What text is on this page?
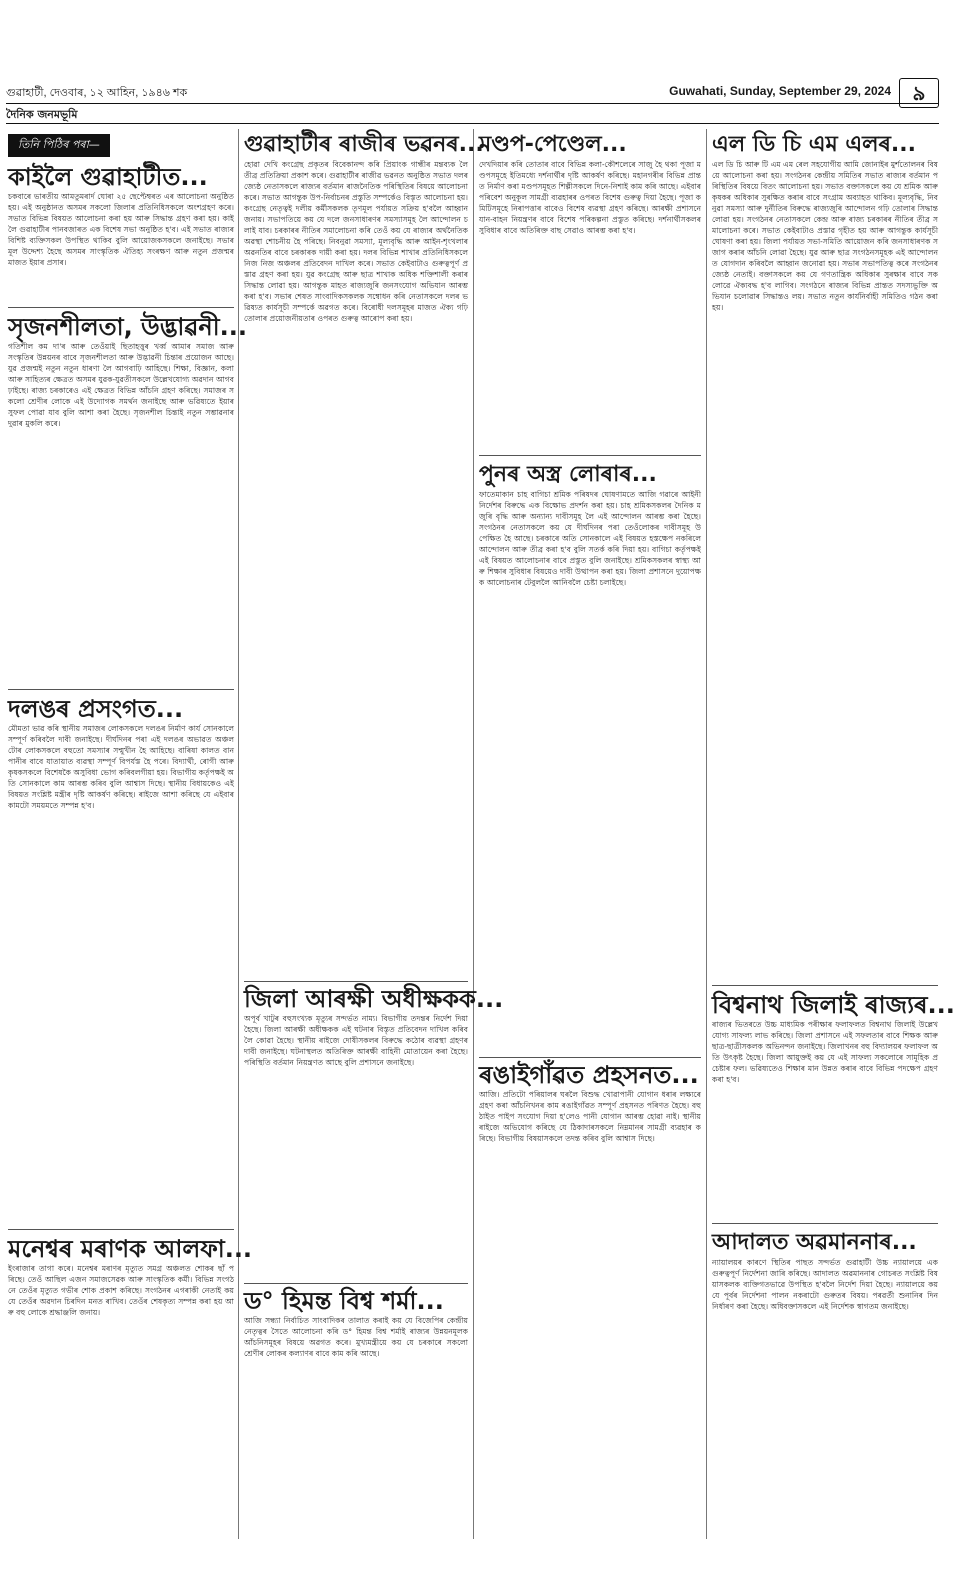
গুৱাহাটী, দেওবাৰ, ১২ আহিন, ১৯৪৬ শক	Guwahati, Sunday, September 29, 2024	৯
দৈনিক জনমভূমি
তিনি পিঠিৰ পৰা—
কাইলৈ গুৱাহাটীত...

চকবাৰে ভাৰতীয় আমতুমৰাৰ্দ ঘোৰা ২৫ ছেপ্টেম্বৰত এৰ আলোচনা অনুষ্ঠিত হয়। এই অনুষ্ঠানত অসমৰ সকলো জিলাৰ প্ৰতিনিধিসকলে অংশগ্ৰহণ কৰে। সভাত বিভিন্ন বিষয়ত আলোচনা কৰা হয় আৰু সিদ্ধান্ত গ্ৰহণ কৰা হয়। কাইলৈ গুৱাহাটীৰ পানবজাৰত এক বিশেষ সভা অনুষ্ঠিত হ'ব। এই সভাত ৰাজ্যৰ বিশিষ্ট ব্যক্তিসকল উপস্থিত থাকিব বুলি আয়োজকসকলে জনাইছে। সভাৰ মূল উদ্দেশ্য হৈছে অসমৰ সাংস্কৃতিক ঐতিহ্য সংৰক্ষণ আৰু নতুন প্ৰজন্মৰ মাজত ইয়াৰ প্ৰসাৰ।

সৃজনশীলতা, উদ্ভাৱনী...

গতিশীল কম দা'ৰ আৰু তেওঁয়াই ছিতাহত্তুৰ খৰ্ব্ব আমাৰ সমাজ আৰু সংস্কৃতিৰ উন্নয়নৰ বাবে সৃজনশীলতা আৰু উদ্ভাৱনী চিন্তাৰ প্ৰয়োজন আছে। যুৱ প্ৰজন্মই নতুন নতুন ধাৰণা লৈ আগবাঢ়ি আহিছে। শিক্ষা, বিজ্ঞান, কলা আৰু সাহিত্যৰ ক্ষেত্ৰত অসমৰ যুৱক-যুৱতীসকলে উল্লেখযোগ্য অৱদান আগবঢ়াইছে। ৰাজ্য চৰকাৰেও এই ক্ষেত্ৰত বিভিন্ন আঁচনি গ্ৰহণ কৰিছে। সমাজৰ সকলো শ্ৰেণীৰ লোকে এই উদ্যোগক সমৰ্থন জনাইছে আৰু ভৱিষ্যতে ইয়াৰ সুফল পোৱা যাব বুলি আশা কৰা হৈছে। সৃজনশীল চিন্তাই নতুন সম্ভাৱনাৰ দুৱাৰ মুকলি কৰে।

দলঙৰ প্ৰসংগত...

মৌমতা ভাৱ কৰি স্থানীয় সমাজৰ লোকসকলে দলঙৰ নিৰ্মাণ কাৰ্য সোনকালে সম্পূৰ্ণ কৰিবলৈ দাবী জনাইছে। দীৰ্ঘদিনৰ পৰা এই দলঙৰ অভাৱত অঞ্চলটোৰ লোকসকলে বহুতো সমস্যাৰ সন্মুখীন হৈ আহিছে। বাৰিষা কালত বানপানীৰ বাবে যাতায়াত ব্যৱস্থা সম্পূৰ্ণ বিপৰ্যস্ত হৈ পৰে। বিদ্যাৰ্থী, ৰোগী আৰু কৃষকসকলে বিশেষকৈ অসুবিধা ভোগ কৰিবলগীয়া হয়। বিভাগীয় কৰ্তৃপক্ষই অতি সোনকালে কাম আৰম্ভ কৰিব বুলি আশ্বাস দিছে। স্থানীয় বিধায়কেও এই বিষয়ত সংশ্লিষ্ট মন্ত্ৰীৰ দৃষ্টি আকৰ্ষণ কৰিছে। ৰাইজে আশা কৰিছে যে এইবাৰ কামটো সময়মতে সম্পন্ন হ'ব।

মনেশ্বৰ মৰাণক আলফা...

ইংৰাজাৰ তাগা কৰে। মনেশ্বৰ মৰাণৰ মৃত্যুত সমগ্ৰ অঞ্চলত শোকৰ ছাঁ পৰিছে। তেওঁ আছিল এজন সমাজসেৱক আৰু সাংস্কৃতিক কৰ্মী। বিভিন্ন সংগঠনে তেওঁৰ মৃত্যুত গভীৰ শোক প্ৰকাশ কৰিছে। সংগঠনৰ এগৰাকী নেতাই কয় যে তেওঁৰ অৱদান চিৰদিন মনত ৰাখিব। তেওঁৰ শেষকৃত্য সম্পন্ন কৰা হয় আৰু বহু লোকে শ্ৰদ্ধাঞ্জলি জনায়।

গুৱাহাটীৰ ৰাজীৰ ভৱনৰ...

হোৱা দেখি কংগ্ৰেছ প্ৰকৃতৰ বিবেকানন্দ কৰি প্ৰিয়াংক গান্ধীৰ মন্তব্যক লৈ তীব্ৰ প্ৰতিক্ৰিয়া প্ৰকাশ কৰে। গুৱাহাটীৰ ৰাজীৱ ভৱনত অনুষ্ঠিত সভাত দলৰ জ্যেষ্ঠ নেতাসকলে ৰাজ্যৰ বৰ্তমান ৰাজনৈতিক পৰিস্থিতিৰ বিষয়ে আলোচনা কৰে। সভাত আগন্তুক উপ-নিৰ্বাচনৰ প্ৰস্তুতি সম্পৰ্কেও বিস্তৃত আলোচনা হয়। কংগ্ৰেছ নেতৃত্বই দলীয় কৰ্মীসকলক তৃণমূল পৰ্যায়ত সক্ৰিয় হ'বলৈ আহ্বান জনায়। সভাপতিয়ে কয় যে দলে জনসাধাৰণৰ সমস্যাসমূহ লৈ আন্দোলন চলাই যাব। চৰকাৰৰ নীতিৰ সমালোচনা কৰি তেওঁ কয় যে ৰাজ্যৰ অৰ্থনৈতিক অৱস্থা শোচনীয় হৈ পৰিছে। নিবনুৱা সমস্যা, মূল্যবৃদ্ধি আৰু আইন-শৃংখলাৰ অৱনতিৰ বাবে চৰকাৰক দায়ী কৰা হয়। দলৰ বিভিন্ন শাখাৰ প্ৰতিনিধিসকলে নিজ নিজ অঞ্চলৰ প্ৰতিবেদন দাখিল কৰে। সভাত কেইবাটাও গুৰুত্বপূৰ্ণ প্ৰস্তাৱ গ্ৰহণ কৰা হয়। যুৱ কংগ্ৰেছ আৰু ছাত্ৰ শাখাক অধিক শক্তিশালী কৰাৰ সিদ্ধান্ত লোৱা হয়। আগন্তুক মাহত ৰাজ্যজুৰি জনসংযোগ অভিযান আৰম্ভ কৰা হ'ব। সভাৰ শেষত সাংবাদিকসকলক সম্বোধন কৰি নেতাসকলে দলৰ ভৱিষ্যত কাৰ্যসূচী সম্পৰ্কে অৱগত কৰে। বিৰোধী দলসমূহৰ মাজত ঐক্য গঢ়ি তোলাৰ প্ৰয়োজনীয়তাৰ ওপৰত গুৰুত্ব আৰোপ কৰা হয়।

জিলা আৰক্ষী অধীক্ষকক...

অপূৰ্ব খাটুৰ বহুসংখ্যক মৃত্যুৰ সন্দৰ্ভত নাম্য। বিভাগীয় তদন্তৰ নিৰ্দেশ দিয়া হৈছে। জিলা আৰক্ষী অধীক্ষকক এই ঘটনাৰ বিস্তৃত প্ৰতিবেদন দাখিল কৰিবলৈ কোৱা হৈছে। স্থানীয় ৰাইজে দোষীসকলৰ বিৰুদ্ধে কঠোৰ ব্যৱস্থা গ্ৰহণৰ দাবী জনাইছে। ঘটনাস্থলত অতিৰিক্ত আৰক্ষী বাহিনী মোতায়েন কৰা হৈছে। পৰিস্থিতি বৰ্তমান নিয়ন্ত্ৰণত আছে বুলি প্ৰশাসনে জনাইছে।

ড° হিমন্ত বিশ্ব শৰ্মা...

আজি সন্ধ্যা নিৰ্বাচিত সাংবাদিকৰ তালাত কৰাই কয় যে বিজেপিৰ কেন্দ্ৰীয় নেতৃত্বৰ সৈতে আলোচনা কৰি ড° হিমন্ত বিশ্ব শৰ্মাই ৰাজ্যৰ উন্নয়নমূলক আঁচনিসমূহৰ বিষয়ে অৱগত কৰে। মুখ্যমন্ত্ৰীয়ে কয় যে চৰকাৰে সকলো শ্ৰেণীৰ লোকৰ কল্যাণৰ বাবে কাম কৰি আছে।

মণ্ডপ-পেণ্ডেল...

দেখদিয়াৰ কৰি তোতাৰ বাবে বিভিন্ন কলা-কৌশলেৰে সাজু হৈ থকা পূজা মণ্ডপসমূহে ইতিমধ্যে দৰ্শনাৰ্থীৰ দৃষ্টি আকৰ্ষণ কৰিছে। মহানগৰীৰ বিভিন্ন প্ৰান্তত নিৰ্মাণ কৰা মণ্ডপসমূহত শিল্পীসকলে দিনে-নিশাই কাম কৰি আছে। এইবাৰ পৰিবেশ অনুকূল সামগ্ৰী ব্যৱহাৰৰ ওপৰত বিশেষ গুৰুত্ব দিয়া হৈছে। পূজা কমিটিসমূহে নিৰাপত্তাৰ বাবেও বিশেষ ব্যৱস্থা গ্ৰহণ কৰিছে। আৰক্ষী প্ৰশাসনে যান-বাহন নিয়ন্ত্ৰণৰ বাবে বিশেষ পৰিকল্পনা প্ৰস্তুত কৰিছে। দৰ্শনাৰ্থীসকলৰ সুবিধাৰ বাবে অতিৰিক্ত বাছ সেৱাও আৰম্ভ কৰা হ'ব।

পুনৰ অস্ত্ৰ লোৰাৰ...

ফাতেমাকান চাহ বাগিচা শ্ৰমিক পৰিষদৰ ঘোষণামতে আজি গৱাৰে আইনী নিৰ্দেশৰ বিৰুদ্ধে এক বিক্ষোভ প্ৰদৰ্শন কৰা হয়। চাহ শ্ৰমিকসকলৰ দৈনিক মজুৰি বৃদ্ধি আৰু অন্যান্য দাবীসমূহ লৈ এই আন্দোলন আৰম্ভ কৰা হৈছে। সংগঠনৰ নেতাসকলে কয় যে দীৰ্ঘদিনৰ পৰা তেওঁলোকৰ দাবীসমূহ উপেক্ষিত হৈ আছে। চৰকাৰে অতি সোনকালে এই বিষয়ত হস্তক্ষেপ নকৰিলে আন্দোলন আৰু তীব্ৰ কৰা হ'ব বুলি সতৰ্ক কৰি দিয়া হয়। বাগিচা কৰ্তৃপক্ষই এই বিষয়ত আলোচনাৰ বাবে প্ৰস্তুত বুলি জনাইছে। শ্ৰমিকসকলৰ স্বাস্থ্য আৰু শিক্ষাৰ সুবিধাৰ বিষয়েও দাবী উত্থাপন কৰা হয়। জিলা প্ৰশাসনে দুয়োপক্ষক আলোচনাৰ টেবুললৈ আনিবলৈ চেষ্টা চলাইছে।

ৰঙাইগাঁৱত প্ৰহসনত...

আজি। প্ৰতিটো পৰিয়ালৰ ঘৰলৈ বিশুদ্ধ খোৱাপানী যোগান ধৰাৰ লক্ষ্যৰে গ্ৰহণ কৰা আঁচনিখনৰ কাম ৰঙাইগাঁৱত সম্পূৰ্ণ প্ৰহসনত পৰিণত হৈছে। বহু ঠাইত পাইপ সংযোগ দিয়া হ'লেও পানী যোগান আৰম্ভ হোৱা নাই। স্থানীয় ৰাইজে অভিযোগ কৰিছে যে ঠিকাদাৰসকলে নিম্নমানৰ সামগ্ৰী ব্যৱহাৰ কৰিছে। বিভাগীয় বিষয়াসকলে তদন্ত কৰিব বুলি আশ্বাস দিছে।

এল ডি চি এম এলৰ...

এল ডি চি আৰু টি এম এম ৰেল সহযোগীয় আমি জোনাইৰ মুৰ্শতোলনৰ বিষয়ে আলোচনা কৰা হয়। সংগঠনৰ কেন্দ্ৰীয় সমিতিৰ সভাত ৰাজ্যৰ বৰ্তমান পৰিস্থিতিৰ বিষয়ে বিতং আলোচনা হয়। সভাত বক্তাসকলে কয় যে শ্ৰমিক আৰু কৃষকৰ অধিকাৰ সুৰক্ষিত কৰাৰ বাবে সংগ্ৰাম অব্যাহত থাকিব। মূল্যবৃদ্ধি, নিবনুৱা সমস্যা আৰু দুৰ্নীতিৰ বিৰুদ্ধে ৰাজ্যজুৰি আন্দোলন গঢ়ি তোলাৰ সিদ্ধান্ত লোৱা হয়। সংগঠনৰ নেতাসকলে কেন্দ্ৰ আৰু ৰাজ্য চৰকাৰৰ নীতিৰ তীব্ৰ সমালোচনা কৰে। সভাত কেইবাটাও প্ৰস্তাৱ গৃহীত হয় আৰু আগন্তুক কাৰ্যসূচী ঘোষণা কৰা হয়। জিলা পৰ্যায়ত সভা-সমিতি আয়োজন কৰি জনসাধাৰণক সজাগ কৰাৰ আঁচনি লোৱা হৈছে। যুৱ আৰু ছাত্ৰ সংগঠনসমূহক এই আন্দোলনত যোগদান কৰিবলৈ আহ্বান জনোৱা হয়। সভাৰ সভাপতিত্ব কৰে সংগঠনৰ জ্যেষ্ঠ নেতাই। বক্তাসকলে কয় যে গণতান্ত্ৰিক অধিকাৰ সুৰক্ষাৰ বাবে সকলোৱে ঐক্যবদ্ধ হ'ব লাগিব। সংগঠনে ৰাজ্যৰ বিভিন্ন প্ৰান্তত সদস্যভুক্তি অভিযান চলোৱাৰ সিদ্ধান্তও লয়। সভাত নতুন কাৰ্যনিৰ্বাহী সমিতিও গঠন কৰা হয়।

বিশ্বনাথ জিলাই ৰাজ্যৰ...

ৰাজ্যৰ ভিতৰতে উচ্চ মাধ্যমিক পৰীক্ষাৰ ফলাফলত বিশ্বনাথ জিলাই উল্লেখযোগ্য সাফল্য লাভ কৰিছে। জিলা প্ৰশাসনে এই সফলতাৰ বাবে শিক্ষক আৰু ছাত্ৰ-ছাত্ৰীসকলক অভিনন্দন জনাইছে। জিলাখনৰ বহু বিদ্যালয়ৰ ফলাফল অতি উৎকৃষ্ট হৈছে। জিলা আয়ুক্তই কয় যে এই সাফল্য সকলোৰে সামূহিক প্ৰচেষ্টাৰ ফল। ভৱিষ্যতেও শিক্ষাৰ মান উন্নত কৰাৰ বাবে বিভিন্ন পদক্ষেপ গ্ৰহণ কৰা হ'ব।

আদালত অৱমাননাৰ...

ন্যায়ালয়ৰ কাৰণে স্থিতিৰ পাছত সন্দৰ্ভত গুৱাহাটী উচ্চ ন্যায়ালয়ে এক গুৰুত্বপূৰ্ণ নিৰ্দেশনা জাৰি কৰিছে। আদালত অৱমাননাৰ গোচৰত সংশ্লিষ্ট বিষয়াসকলক ব্যক্তিগতভাৱে উপস্থিত হ'বলৈ নিৰ্দেশ দিয়া হৈছে। ন্যায়ালয়ে কয় যে পূৰ্বৰ নিৰ্দেশনা পালন নকৰাটো গুৰুতৰ বিষয়। পৰৱৰ্তী শুনানিৰ দিন নিৰ্ধাৰণ কৰা হৈছে। অধিবক্তাসকলে এই নিৰ্দেশক স্বাগতম জনাইছে।
